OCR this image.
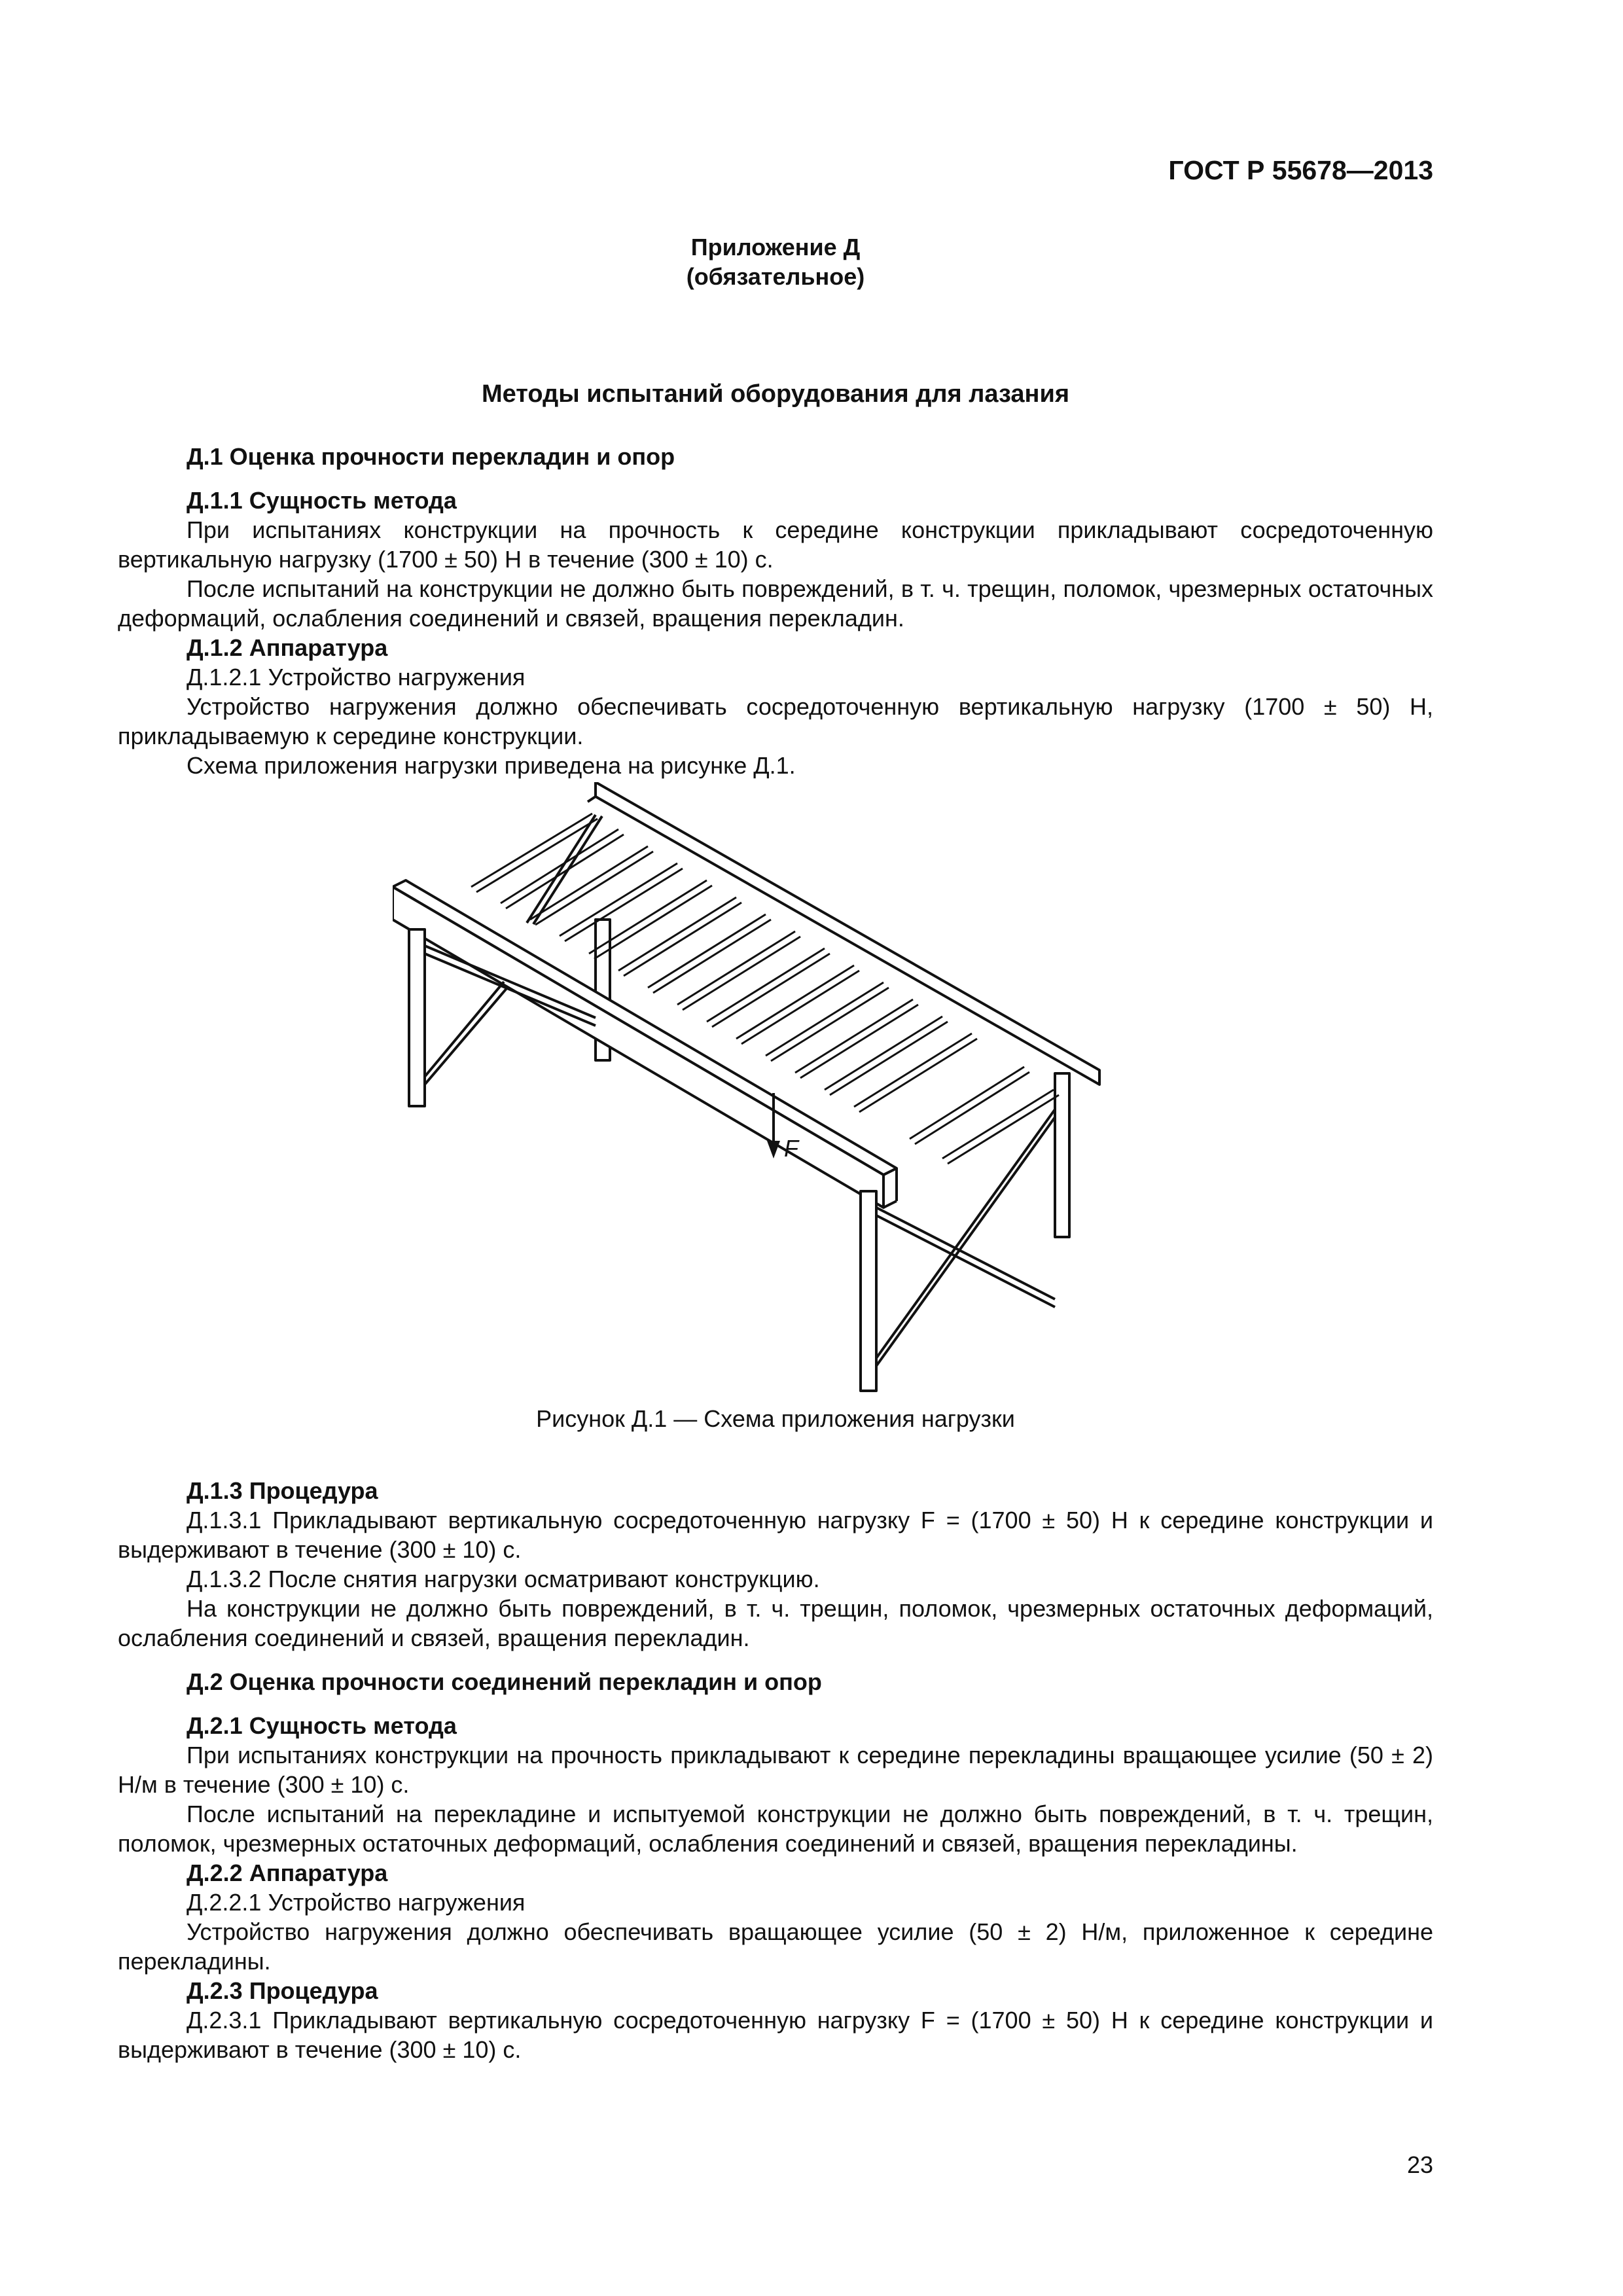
ГОСТ Р 55678—2013
Приложение Д
(обязательное)
Методы испытаний оборудования для лазания

Д.1 Оценка прочности перекладин и опор

Д.1.1 Сущность метода

При испытаниях конструкции на прочность к середине конструкции прикладывают сосредоточенную вертикальную нагрузку (1700 ± 50) Н в течение (300 ± 10) с.

После испытаний на конструкции не должно быть повреждений, в т. ч. трещин, поломок, чрезмерных остаточных деформаций, ослабления соединений и связей, вращения перекладин.

Д.1.2 Аппаратура

Д.1.2.1 Устройство нагружения

Устройство нагружения должно обеспечивать сосредоточенную вертикальную нагрузку (1700 ± 50) Н, прикладываемую к середине конструкции.

Схема приложения нагрузки приведена на рисунке Д.1.

F
Рисунок Д.1 — Схема приложения нагрузки

Д.1.3 Процедура

Д.1.3.1 Прикладывают вертикальную сосредоточенную нагрузку F = (1700 ± 50) Н к середине конструкции и выдерживают в течение (300 ± 10) с.

Д.1.3.2 После снятия нагрузки осматривают конструкцию.

На конструкции не должно быть повреждений, в т. ч. трещин, поломок, чрезмерных остаточных деформаций, ослабления соединений и связей, вращения перекладин.

Д.2 Оценка прочности соединений перекладин и опор

Д.2.1 Сущность метода

При испытаниях конструкции на прочность прикладывают к середине перекладины вращающее усилие (50 ± 2) Н/м в течение (300 ± 10) с.

После испытаний на перекладине и испытуемой конструкции не должно быть повреждений, в т. ч. трещин, поломок, чрезмерных остаточных деформаций, ослабления соединений и связей, вращения перекладины.

Д.2.2 Аппаратура

Д.2.2.1 Устройство нагружения

Устройство нагружения должно обеспечивать вращающее усилие (50 ± 2) Н/м, приложенное к середине перекладины.

Д.2.3 Процедура

Д.2.3.1 Прикладывают вертикальную сосредоточенную нагрузку F = (1700 ± 50) Н к середине конструкции и выдерживают в течение (300 ± 10) с.

23
